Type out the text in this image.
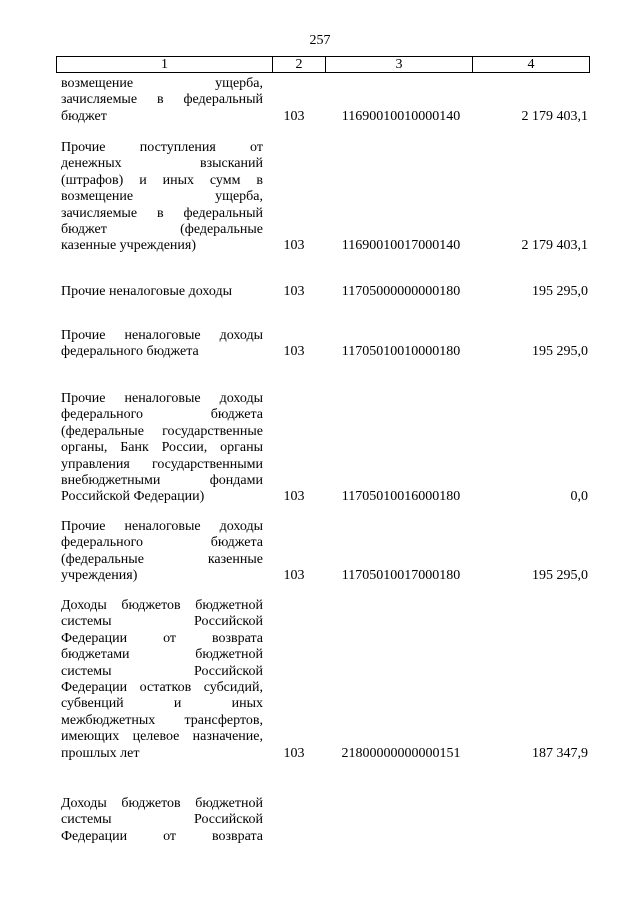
257
1	2	3	4
возмещение ущерба,
зачисляемые в федеральный
бюджет	103	11690010010000140	2 179 403,1
Прочие поступления от
денежных взысканий
(штрафов) и иных сумм в
возмещение ущерба,
зачисляемые в федеральный
бюджет (федеральные
казенные учреждения)	103	11690010017000140	2 179 403,1
Прочие неналоговые доходы	103	11705000000000180	195 295,0
Прочие неналоговые доходы
федерального бюджета	103	11705010010000180	195 295,0
Прочие неналоговые доходы
федерального бюджета
(федеральные государственные
органы, Банк России, органы
управления государственными
внебюджетными фондами
Российской Федерации)	103	11705010016000180	0,0
Прочие неналоговые доходы
федерального бюджета
(федеральные казенные
учреждения)	103	11705010017000180	195 295,0
Доходы бюджетов бюджетной
системы Российской
Федерации от возврата
бюджетами бюджетной
системы Российской
Федерации остатков субсидий,
субвенций и иных
межбюджетных трансфертов,
имеющих целевое назначение,
прошлых лет	103	21800000000000151	187 347,9
Доходы бюджетов бюджетной
системы Российской
Федерации от возврата
